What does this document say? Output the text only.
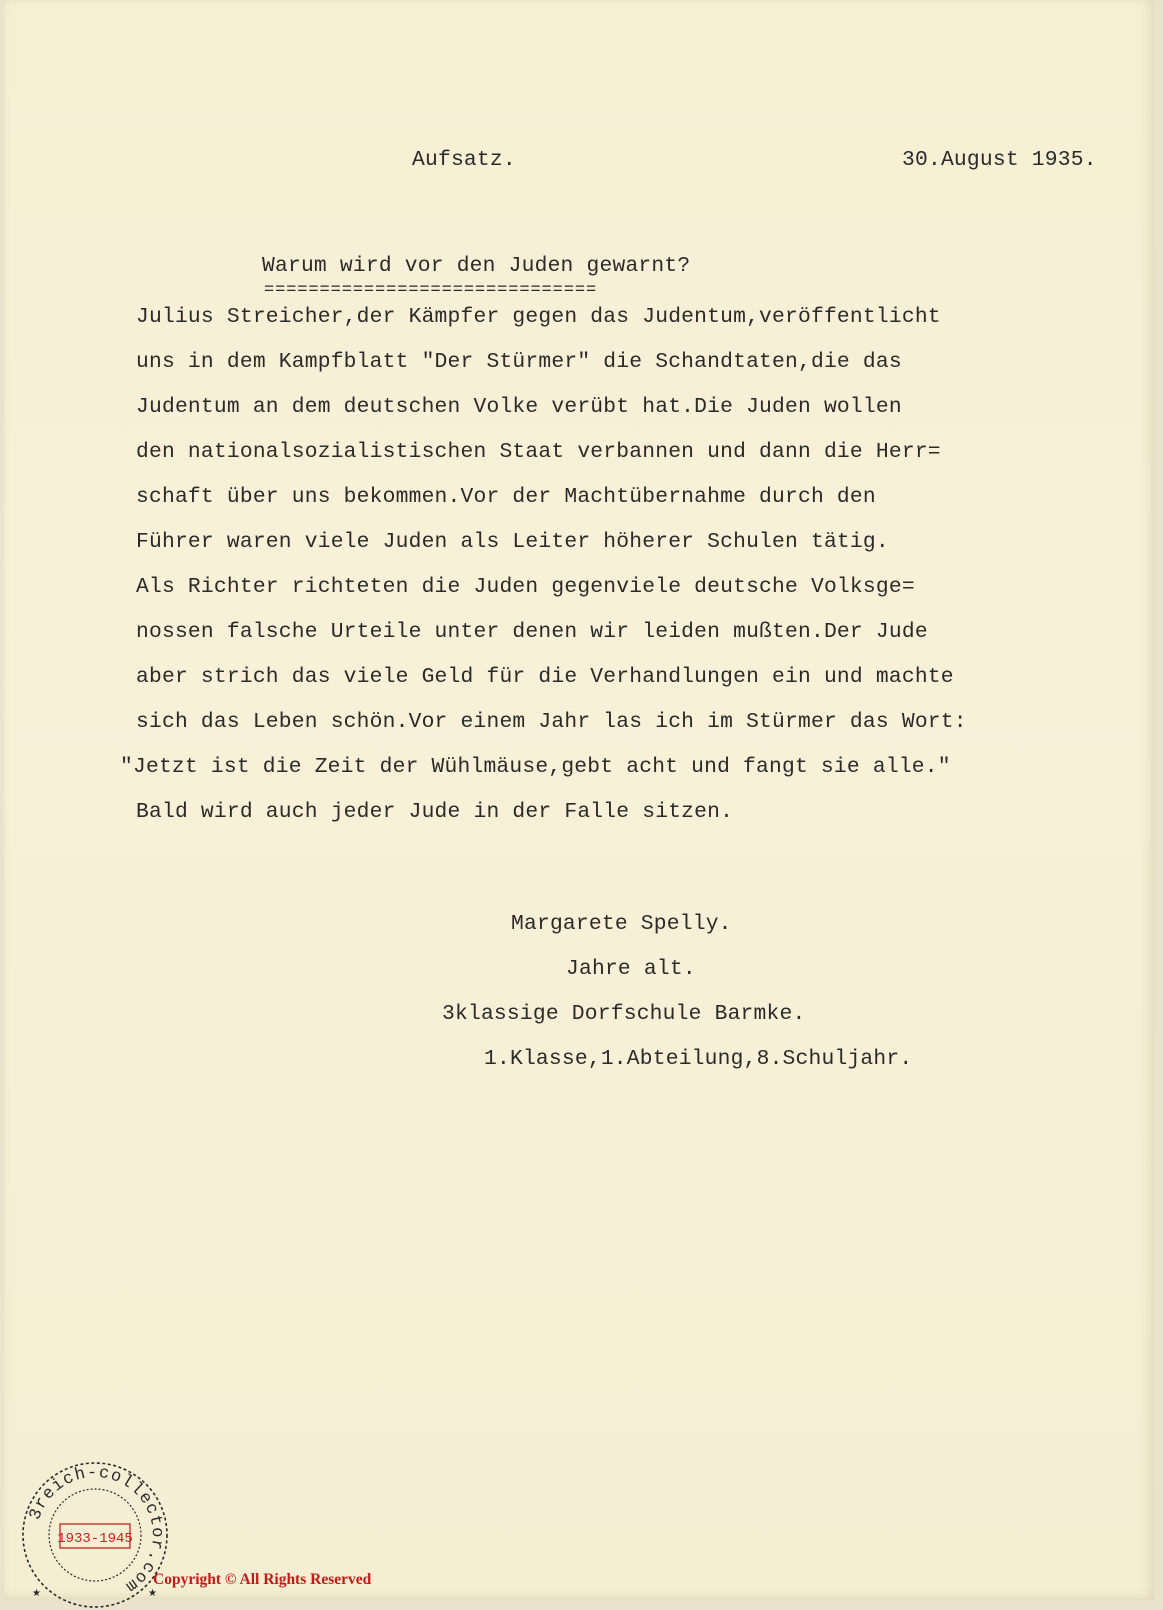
Aufsatz.	30.August 1935.
Warum wird vor den Juden gewarnt?
==============================
Julius Streicher,der Kämpfer gegen das Judentum,veröffentlicht
uns in dem Kampfblatt "Der Stürmer" die Schandtaten,die das
Judentum an dem deutschen Volke verübt hat.Die Juden wollen
den nationalsozialistischen Staat verbannen und dann die Herr=
schaft über uns bekommen.Vor der Machtübernahme durch den
Führer waren viele Juden als Leiter höherer Schulen tätig.
Als Richter richteten die Juden gegenviele deutsche Volksge=
nossen falsche Urteile unter denen wir leiden mußten.Der Jude
aber strich das viele Geld für die Verhandlungen ein und machte
sich das Leben schön.Vor einem Jahr las ich im Stürmer das Wort:
"Jetzt ist die Zeit der Wühlmäuse,gebt acht und fangt sie alle."
Bald wird auch jeder Jude in der Falle sitzen.
Margarete Spelly.
Jahre alt.
3klassige Dorfschule Barmke.
1.Klasse,1.Abteilung,8.Schuljahr.
3reich-collector.com
1933-1945
★	★
Copyright © All Rights Reserved
